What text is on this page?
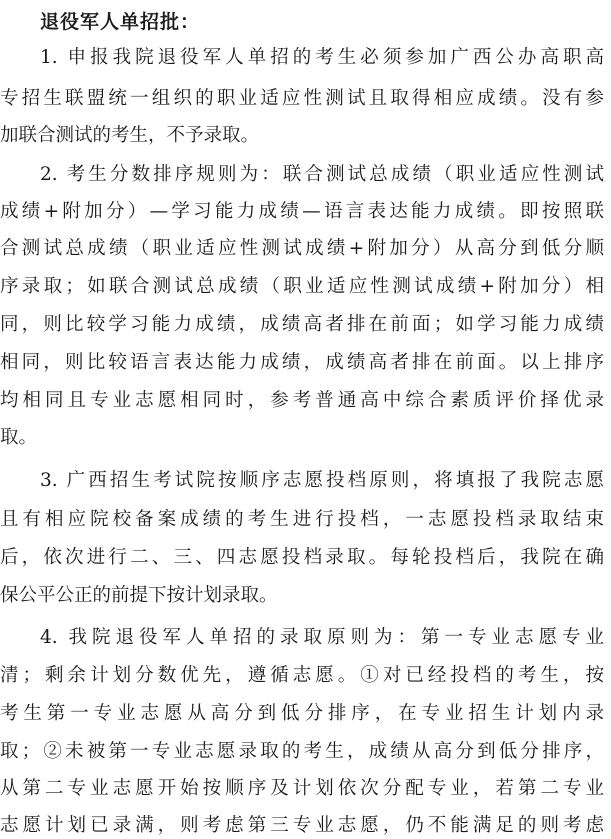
退役军人单招批：
1. 申报我院退役军人单招的考生必须参加广西公办高职高
专招生联盟统一组织的职业适应性测试且取得相应成绩。没有参
加联合测试的考生，不予录取。
2. 考生分数排序规则为：联合测试总成绩（职业适应性测试
成绩+附加分）—学习能力成绩—语言表达能力成绩。即按照联
合测试总成绩（职业适应性测试成绩+附加分）从高分到低分顺
序录取；如联合测试总成绩（职业适应性测试成绩+附加分）相
同，则比较学习能力成绩，成绩高者排在前面；如学习能力成绩
相同，则比较语言表达能力成绩，成绩高者排在前面。以上排序
均相同且专业志愿相同时，参考普通高中综合素质评价择优录
取。
3. 广西招生考试院按顺序志愿投档原则，将填报了我院志愿
且有相应院校备案成绩的考生进行投档，一志愿投档录取结束
后，依次进行二、三、四志愿投档录取。每轮投档后，我院在确
保公平公正的前提下按计划录取。
4. 我院退役军人单招的录取原则为：第一专业志愿专业
清；剩余计划分数优先，遵循志愿。①对已经投档的考生，按
考生第一专业志愿从高分到低分排序，在专业招生计划内录
取；②未被第一专业志愿录取的考生，成绩从高分到低分排序，
从第二专业志愿开始按顺序及计划依次分配专业，若第二专业
志愿计划已录满，则考虑第三专业志愿，仍不能满足的则考虑
